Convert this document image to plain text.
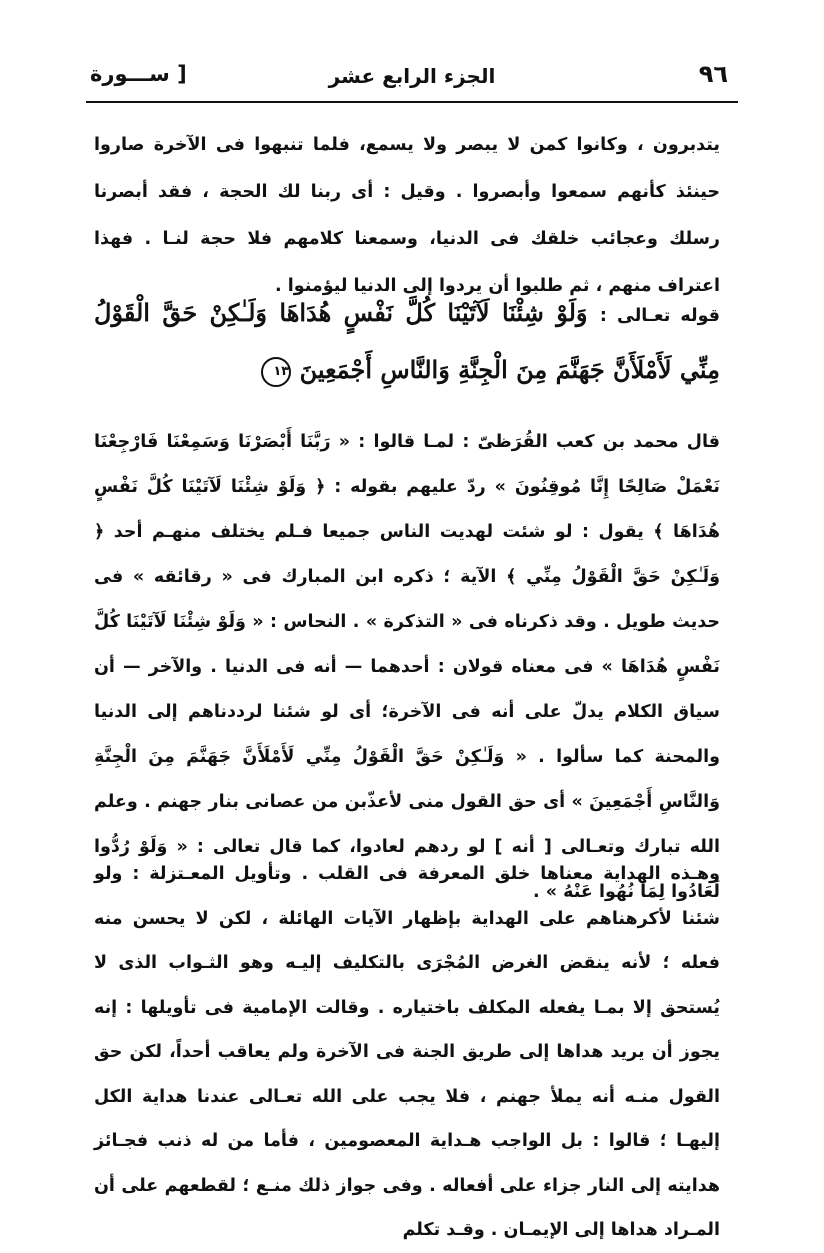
٩٦
الجزء الرابع عشر
[ ســـورة
يتدبرون ، وكانوا كمن لا يبصر ولا يسمع، فلما تنبهوا فى الآخرة صاروا حينئذ كأنهم سمعوا وأبصروا . وقيل : أى ربنا لك الحجة ، فقد أبصرنا رسلك وعجائب خلقك فى الدنيا، وسمعنا كلامهم فلا حجة لنـا . فهذا اعتراف منهم ، ثم طلبوا أن يردوا إلى الدنيا ليؤمنوا .
قوله تعـالى : وَلَوْ شِئْنَا لَآتَيْنَا كُلَّ نَفْسٍ هُدَاهَا وَلَـٰكِنْ حَقَّ الْقَوْلُ مِنِّي لَأَمْلَأَنَّ جَهَنَّمَ مِنَ الْجِنَّةِ وَالنَّاسِ أَجْمَعِينَ ١٣
قال محمد بن كعب القُرَظىّ : لمـا قالوا : « رَبَّنَا أَبْصَرْنَا وَسَمِعْنَا فَارْجِعْنَا نَعْمَلْ صَالِحًا إِنَّا مُوقِنُونَ » ردّ عليهم بقوله : ﴿ وَلَوْ شِئْنَا لَآتَيْنَا كُلَّ نَفْسٍ هُدَاهَا ﴾ يقول : لو شئت لهديت الناس جميعا فـلم يختلف منهـم أحد ﴿ وَلَـٰكِنْ حَقَّ الْقَوْلُ مِنِّي ﴾ الآية ؛ ذكره ابن المبارك فى « رقائقه » فى حديث طويل . وقد ذكرناه فى « التذكرة » . النحاس : « وَلَوْ شِئْنَا لَآتَيْنَا كُلَّ نَفْسٍ هُدَاهَا » فى معناه قولان : أحدهما — أنه فى الدنيا . والآخر — أن سياق الكلام يدلّ على أنه فى الآخرة؛ أى لو شئنا لرددناهم إلى الدنيا والمحنة كما سألوا . « وَلَـٰكِنْ حَقَّ الْقَوْلُ مِنِّي لَأَمْلَأَنَّ جَهَنَّمَ مِنَ الْجِنَّةِ وَالنَّاسِ أَجْمَعِينَ » أى حق القول منى لأعذّبن من عصانى بنار جهنم . وعلم الله تبارك وتعـالى [ أنه ] لو ردهم لعادوا، كما قال تعالى : « وَلَوْ رُدُّوا لَعَادُوا لِمَا نُهُوا عَنْهُ » .
وهـذه الهداية معناها خلق المعرفة فى القلب . وتأويل المعـتزلة : ولو شئنا لأكرهناهم على الهداية بإظهار الآيات الهائلة ، لكن لا يحسن منه فعله ؛ لأنه ينقض الغرض المُجْرَى بالتكليف إليـه وهو الثـواب الذى لا يُستحق إلا بمـا يفعله المكلف باختياره . وقالت الإمامية فى تأويلها : إنه يجوز أن يريد هداها إلى طريق الجنة فى الآخرة ولم يعاقب أحداً، لكن حق القول منـه أنه يملأ جهنم ، فلا يجب على الله تعـالى عندنا هداية الكل إليهـا ؛ قالوا : بل الواجب هـداية المعصومين ، فأما من له ذنب فجـائز هدايته إلى النار جزاء على أفعاله . وفى جواز ذلك منـع ؛ لقطعهم على أن المـراد هداها إلى الإيمـان . وقـد تكلم
